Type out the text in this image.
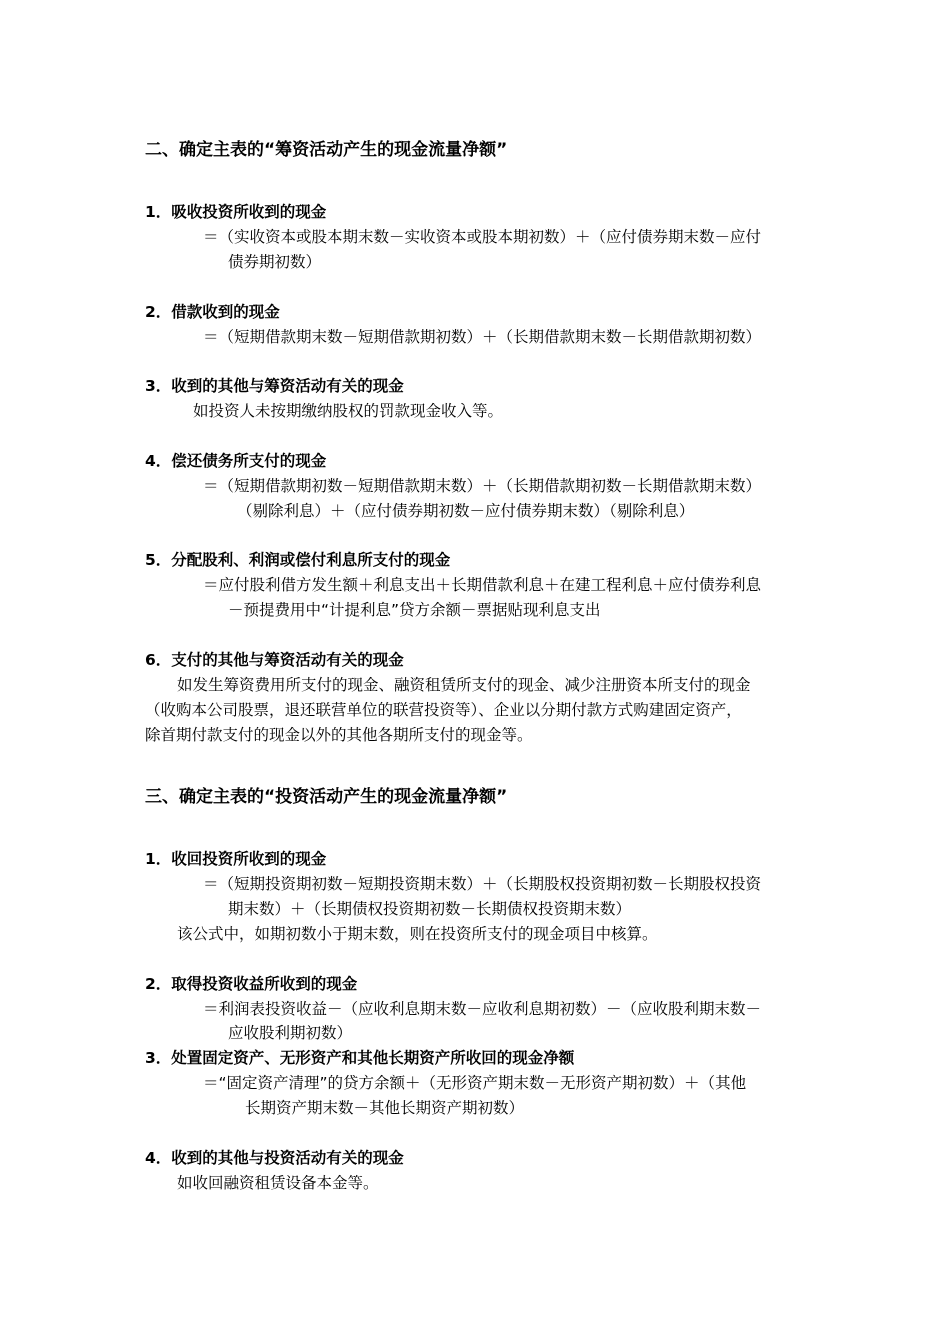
二、确定主表的“筹资活动产生的现金流量净额”
1．吸收投资所收到的现金
＝（实收资本或股本期末数－实收资本或股本期初数）＋（应付债券期末数－应付
债券期初数）
2．借款收到的现金
＝（短期借款期末数－短期借款期初数）＋（长期借款期末数－长期借款期初数）
3．收到的其他与筹资活动有关的现金
如投资人未按期缴纳股权的罚款现金收入等。
4．偿还债务所支付的现金
＝（短期借款期初数－短期借款期末数）＋（长期借款期初数－长期借款期末数）
（剔除利息）＋（应付债券期初数－应付债券期末数）（剔除利息）
5．分配股利、利润或偿付利息所支付的现金
＝应付股利借方发生额＋利息支出＋长期借款利息＋在建工程利息＋应付债券利息
－预提费用中“计提利息”贷方余额－票据贴现利息支出
6．支付的其他与筹资活动有关的现金
如发生筹资费用所支付的现金、融资租赁所支付的现金、减少注册资本所支付的现金
（收购本公司股票，退还联营单位的联营投资等）、企业以分期付款方式购建固定资产，
除首期付款支付的现金以外的其他各期所支付的现金等。
三、确定主表的“投资活动产生的现金流量净额”
1．收回投资所收到的现金
＝（短期投资期初数－短期投资期末数）＋（长期股权投资期初数－长期股权投资
期末数）＋（长期债权投资期初数－长期债权投资期末数）
该公式中，如期初数小于期末数，则在投资所支付的现金项目中核算。
2．取得投资收益所收到的现金
＝利润表投资收益－（应收利息期末数－应收利息期初数）－（应收股利期末数－
应收股利期初数）
3．处置固定资产、无形资产和其他长期资产所收回的现金净额
＝“固定资产清理”的贷方余额＋（无形资产期末数－无形资产期初数）＋（其他
长期资产期末数－其他长期资产期初数）
4．收到的其他与投资活动有关的现金
如收回融资租赁设备本金等。
